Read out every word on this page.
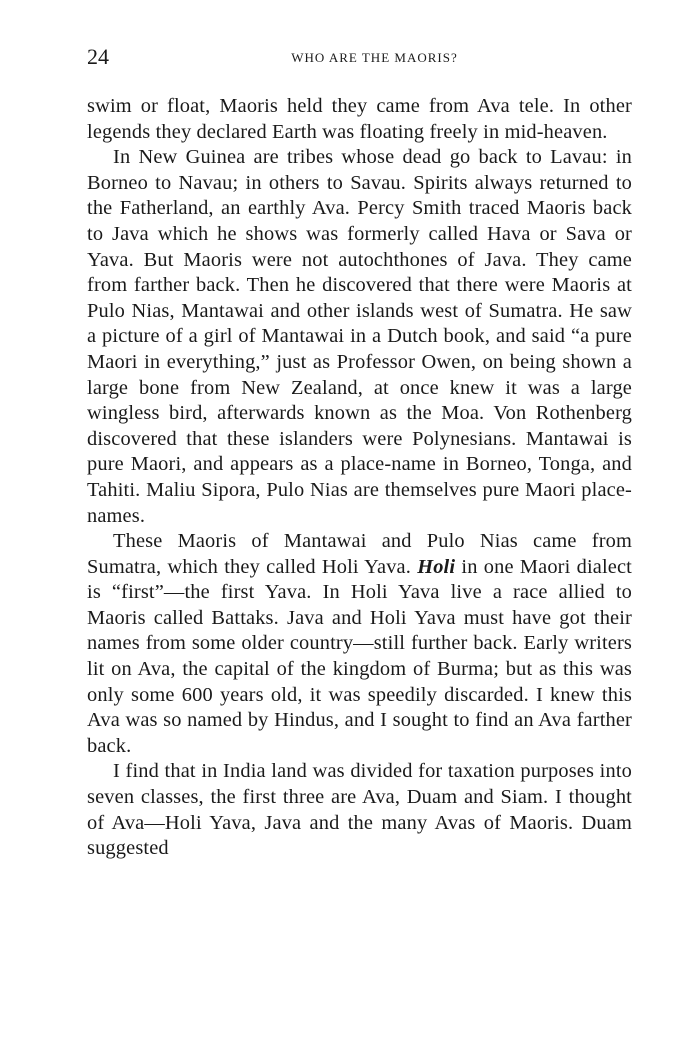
24	WHO ARE THE MAORIS?

swim or float, Maoris held they came from Ava tele. In other legends they declared Earth was floating freely in mid-heaven.

In New Guinea are tribes whose dead go back to Lavau: in Borneo to Navau; in others to Savau. Spirits always returned to the Fatherland, an earthly Ava. Percy Smith traced Maoris back to Java which he shows was formerly called Hava or Sava or Yava. But Maoris were not autochthones of Java. They came from farther back. Then he discovered that there were Maoris at Pulo Nias, Mantawai and other islands west of Sumatra. He saw a picture of a girl of Mantawai in a Dutch book, and said “a pure Maori in everything,” just as Professor Owen, on being shown a large bone from New Zealand, at once knew it was a large wingless bird, afterwards known as the Moa. Von Rothenberg discovered that these islanders were Polynesians. Mantawai is pure Maori, and appears as a place-name in Borneo, Tonga, and Tahiti. Maliu Sipora, Pulo Nias are themselves pure Maori place-names.

These Maoris of Mantawai and Pulo Nias came from Sumatra, which they called Holi Yava. Holi in one Maori dialect is “first”—the first Yava. In Holi Yava live a race allied to Maoris called Battaks. Java and Holi Yava must have got their names from some older country—still further back. Early writers lit on Ava, the capital of the kingdom of Burma; but as this was only some 600 years old, it was speedily discarded. I knew this Ava was so named by Hindus, and I sought to find an Ava farther back.

I find that in India land was divided for taxation purposes into seven classes, the first three are Ava, Duam and Siam. I thought of Ava—Holi Yava, Java and the many Avas of Maoris. Duam suggested
